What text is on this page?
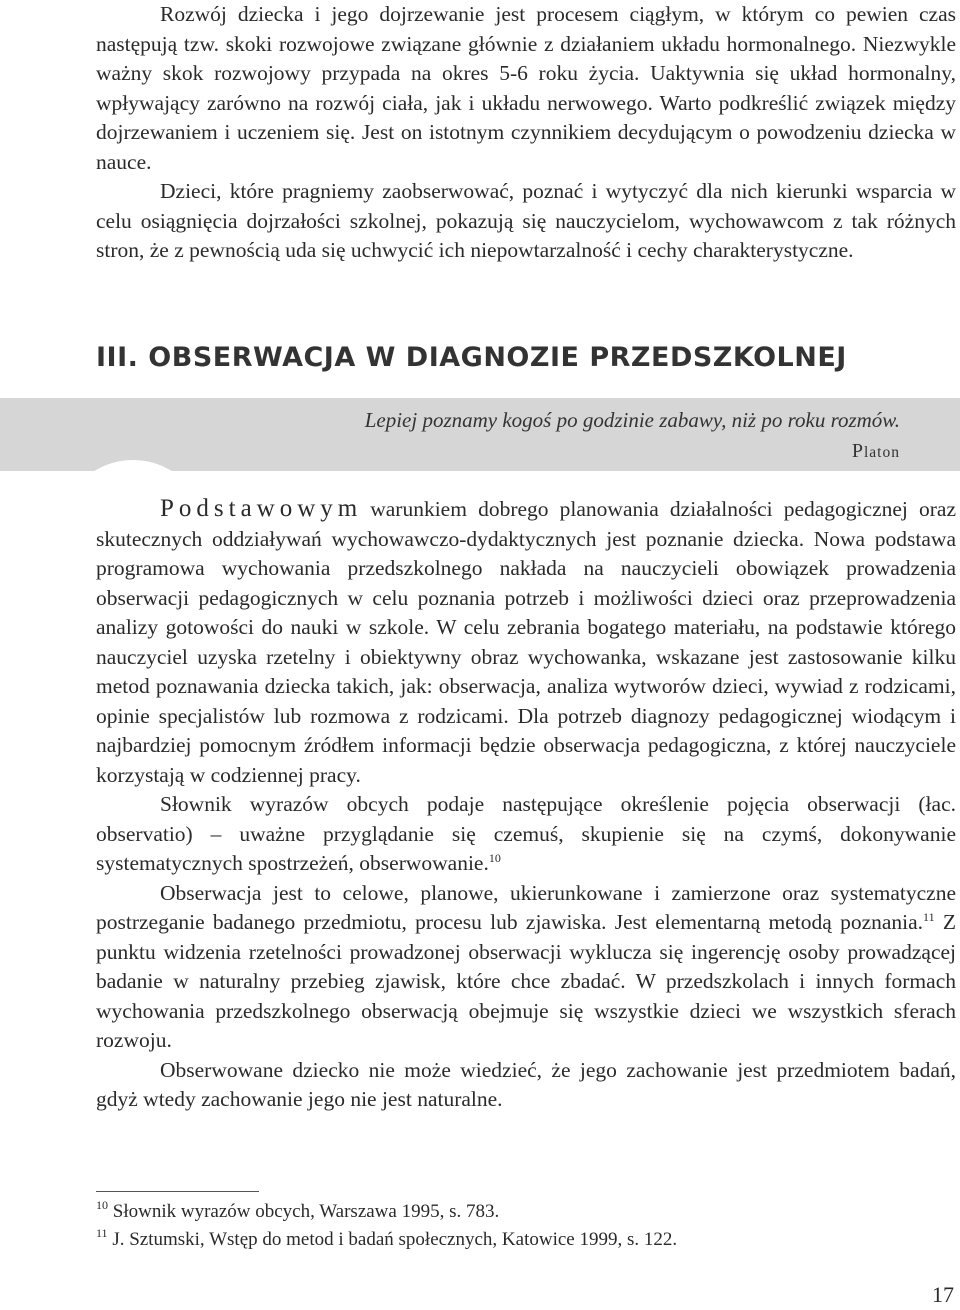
Rozwój dziecka i jego dojrzewanie jest procesem ciągłym, w którym co pewien czas następują tzw. skoki rozwojowe związane głównie z działaniem układu hormonalnego. Niezwykle ważny skok rozwojowy przypada na okres 5-6 roku życia. Uaktywnia się układ hormonalny, wpływający zarówno na rozwój ciała, jak i układu nerwowego. Warto podkreślić związek między dojrzewaniem i uczeniem się. Jest on istotnym czynnikiem decydującym o powodzeniu dziecka w nauce.

Dzieci, które pragniemy zaobserwować, poznać i wytyczyć dla nich kierunki wsparcia w celu osiągnięcia dojrzałości szkolnej, pokazują się nauczycielom, wychowawcom z tak różnych stron, że z pewnością uda się uchwycić ich niepowtarzalność i cechy charakterystyczne.

III. OBSERWACJA W DIAGNOZIE PRZEDSZKOLNEJ
Lepiej poznamy kogoś po godzinie zabawy, niż po roku rozmów.
Platon

Podstawowym warunkiem dobrego planowania działalności pedagogicznej oraz skutecznych oddziaływań wychowawczo-dydaktycznych jest poznanie dziecka. Nowa podstawa programowa wychowania przedszkolnego nakłada na nauczycieli obowiązek prowadzenia obserwacji pedagogicznych w celu poznania potrzeb i możliwości dzieci oraz przeprowadzenia analizy gotowości do nauki w szkole. W celu zebrania bogatego materiału, na podstawie którego nauczyciel uzyska rzetelny i obiektywny obraz wychowanka, wskazane jest zastosowanie kilku metod poznawania dziecka takich, jak: obserwacja, analiza wytworów dzieci, wywiad z rodzicami, opinie specjalistów lub rozmowa z rodzicami. Dla potrzeb diagnozy pedagogicznej wiodącym i najbardziej pomocnym źródłem informacji będzie obserwacja pedagogiczna, z której nauczyciele korzystają w codziennej pracy.

Słownik wyrazów obcych podaje następujące określenie pojęcia obserwacji (łac. observatio) – uważne przyglądanie się czemuś, skupienie się na czymś, dokonywanie systematycznych spostrzeżeń, obserwowanie.$^{10}$

Obserwacja jest to celowe, planowe, ukierunkowane i zamierzone oraz systematyczne postrzeganie badanego przedmiotu, procesu lub zjawiska. Jest elementarną metodą poznania.$^{11}$ Z punktu widzenia rzetelności prowadzonej obserwacji wyklucza się ingerencję osoby prowadzącej badanie w naturalny przebieg zjawisk, które chce zbadać. W przedszkolach i innych formach wychowania przedszkolnego obserwacją obejmuje się wszystkie dzieci we wszystkich sferach rozwoju.

Obserwowane dziecko nie może wiedzieć, że jego zachowanie jest przedmiotem badań, gdyż wtedy zachowanie jego nie jest naturalne.

$^{10}$ Słownik wyrazów obcych, Warszawa 1995, s. 783.

$^{11}$ J. Sztumski, Wstęp do metod i badań społecznych, Katowice 1999, s. 122.

17
